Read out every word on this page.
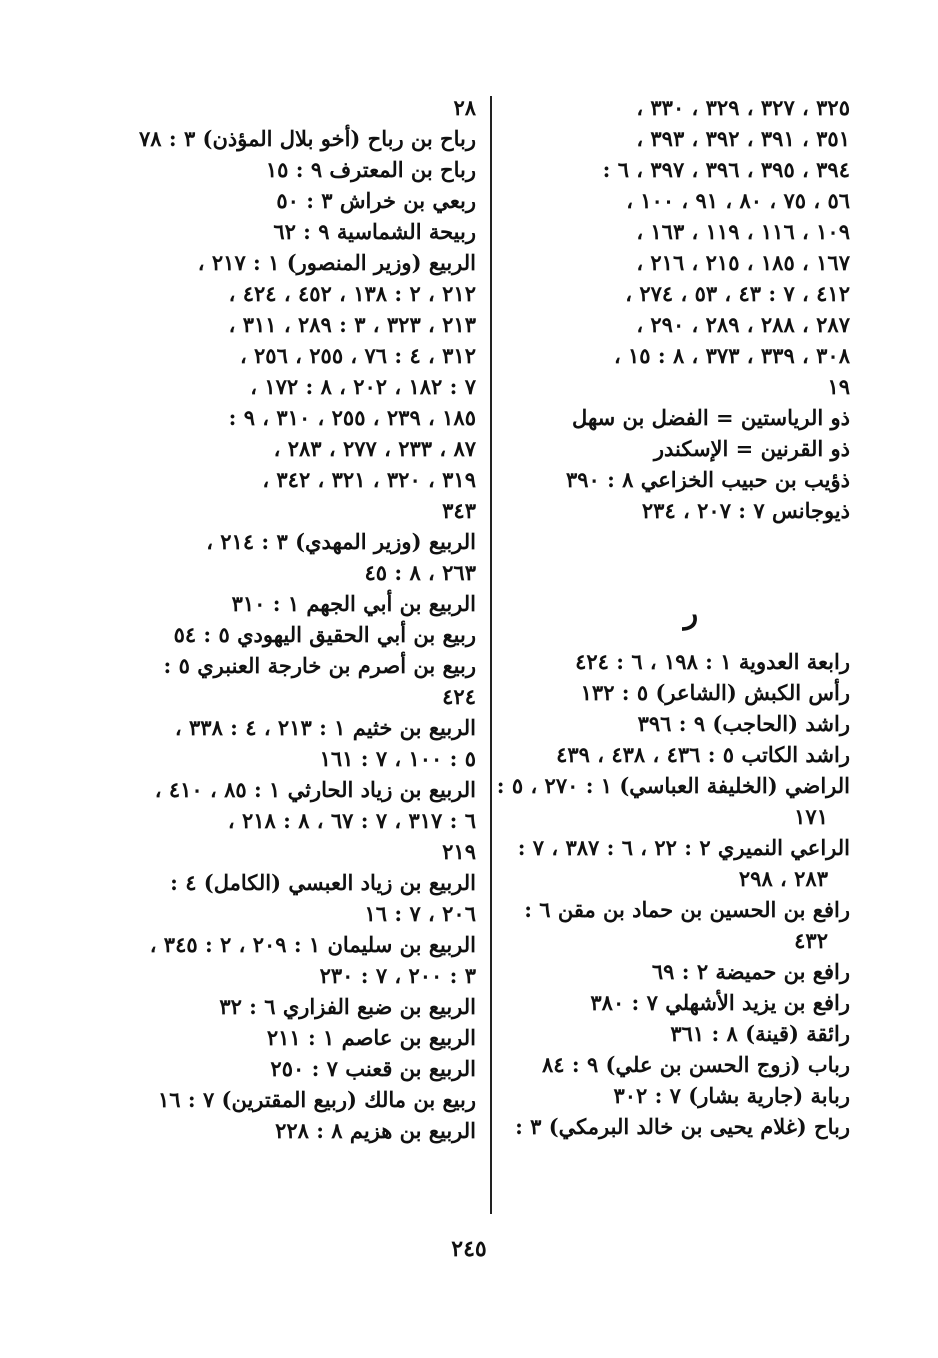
٣٢٥ ، ٣٢٧ ، ٣٢٩ ، ٣٣٠ ،
٣٥١ ، ٣٩١ ، ٣٩٢ ، ٣٩٣ ،
٣٩٤ ، ٣٩٥ ، ٣٩٦ ، ٣٩٧ ، ٦ :
٥٦ ، ٧٥ ، ٨٠ ، ٩١ ، ١٠٠ ،
١٠٩ ، ١١٦ ، ١١٩ ، ١٦٣ ،
١٦٧ ، ١٨٥ ، ٢١٥ ، ٢١٦ ،
٤١٢ ، ٧ : ٤٣ ، ٥٣ ، ٢٧٤ ،
٢٨٧ ، ٢٨٨ ، ٢٨٩ ، ٢٩٠ ،
٣٠٨ ، ٣٣٩ ، ٣٧٣ ، ٨ : ١٥ ،
١٩
ذو الرياستين = الفضل بن سهل
ذو القرنين = الإسكندر
ذؤيب بن حبيب الخزاعي ٨ : ٣٩٠
ذيوجانس ٧ : ٢٠٧ ، ٢٣٤
ر
رابعة العدوية ١ : ١٩٨ ، ٦ : ٤٢٤
رأس الكبش (الشاعر) ٥ : ١٣٢
راشد (الحاجب) ٩ : ٣٩٦
راشد الكاتب ٥ : ٤٣٦ ، ٤٣٨ ، ٤٣٩
الراضي (الخليفة العباسي) ١ : ٢٧٠ ، ٥ :
١٧١
الراعي النميري ٢ : ٢٢ ، ٦ : ٣٨٧ ، ٧ :
٢٨٣ ، ٢٩٨
رافع بن الحسين بن حماد بن مقن ٦ :
٤٣٢
رافع بن حميضة ٢ : ٦٩
رافع بن يزيد الأشهلي ٧ : ٣٨٠
رائقة (قينة) ٨ : ٣٦١
رباب (زوج الحسن بن علي) ٩ : ٨٤
ربابة (جارية بشار) ٧ : ٣٠٢
رباح (غلام يحيى بن خالد البرمكي) ٣ :
٢٨
رباح بن رباح (أخو بلال المؤذن) ٣ : ٧٨
رباح بن المعترف ٩ : ١٥
ربعي بن خراش ٣ : ٥٠
ربيحة الشماسية ٩ : ٦٢
الربيع (وزير المنصور) ١ : ٢١٧ ،
٢١٢ ، ٢ : ١٣٨ ، ٤٥٢ ، ٤٢٤ ،
٢١٣ ، ٣٢٣ ، ٣ : ٢٨٩ ، ٣١١ ،
٣١٢ ، ٤ : ٧٦ ، ٢٥٥ ، ٢٥٦ ،
٧ : ١٨٢ ، ٢٠٢ ، ٨ : ١٧٢ ،
١٨٥ ، ٢٣٩ ، ٢٥٥ ، ٣١٠ ، ٩ :
٨٧ ، ٢٣٣ ، ٢٧٧ ، ٢٨٣ ،
٣١٩ ، ٣٢٠ ، ٣٢١ ، ٣٤٢ ،
٣٤٣
الربيع (وزير المهدي) ٣ : ٢١٤ ،
٢٦٣ ، ٨ : ٤٥
الربيع بن أبي الجهم ١ : ٣١٠
ربيع بن أبي الحقيق اليهودي ٥ : ٥٤
ربيع بن أصرم بن خارجة العنبري ٥ :
٤٢٤
الربيع بن خثيم ١ : ٢١٣ ، ٤ : ٣٣٨ ،
٥ : ١٠٠ ، ٧ : ١٦١
الربيع بن زياد الحارثي ١ : ٨٥ ، ٤١٠ ،
٦ : ٣١٧ ، ٧ : ٦٧ ، ٨ : ٢١٨ ،
٢١٩
الربيع بن زياد العبسي (الكامل) ٤ :
٢٠٦ ، ٧ : ١٦
الربيع بن سليمان ١ : ٢٠٩ ، ٢ : ٣٤٥ ،
٣ : ٢٠٠ ، ٧ : ٢٣٠
الربيع بن ضبع الفزاري ٦ : ٣٢
الربيع بن عاصم ١ : ٢١١
الربيع بن قعنب ٧ : ٢٥٠
ربيع بن مالك (ربيع المقترين) ٧ : ١٦
الربيع بن هزيم ٨ : ٢٢٨
٢٤٥
